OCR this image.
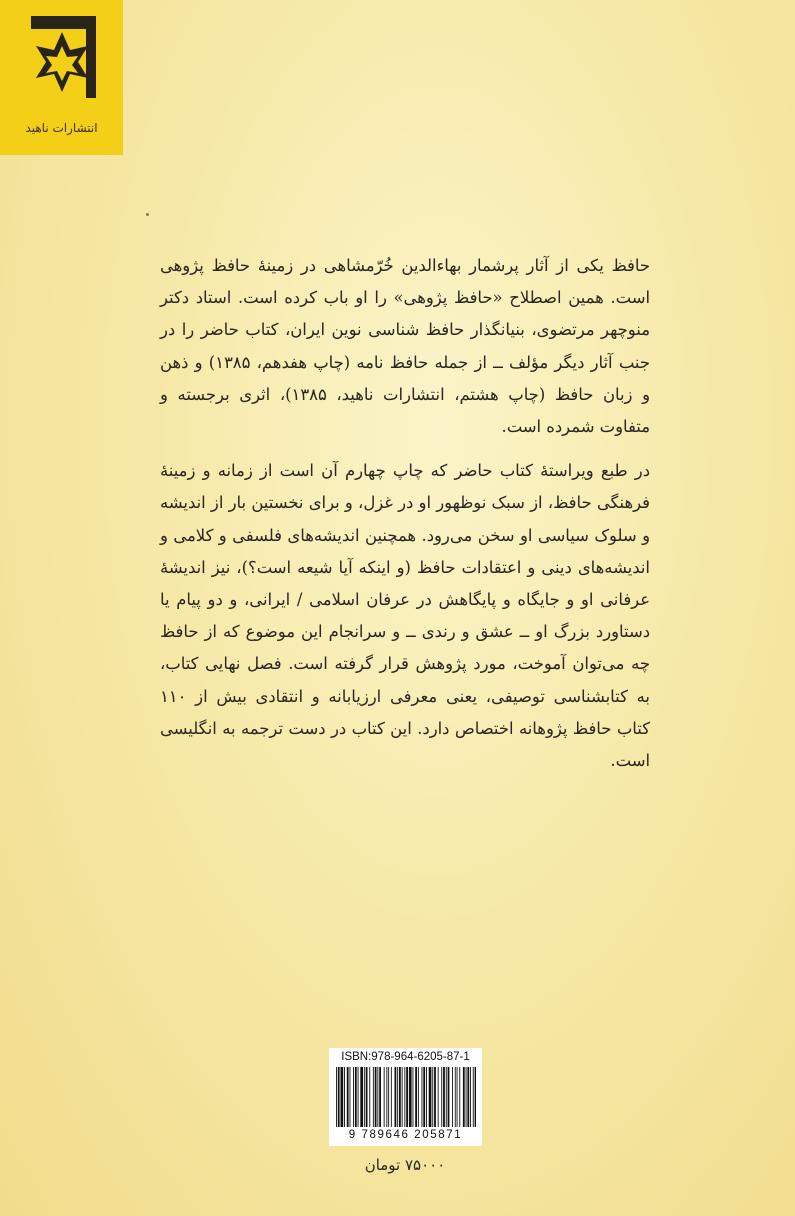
انتشارات ناهید

حافظ یکی از آثار پرشمار بهاءالدین خُرّمشاهی در زمینهٔ حافظ پژوهی است. همین اصطلاح «حافظ پژوهی» را او باب کرده است. استاد دکتر منوچهر مرتضوی، بنیانگذار حافظ شناسی نوین ایران، کتاب حاضر را در جنب آثار دیگر مؤلف ــ از جمله حافظ نامه (چاپ هفدهم، ۱۳۸۵) و ذهن و زبان حافظ (چاپ هشتم، انتشارات ناهید، ۱۳۸۵)، اثری برجسته و متفاوت شمرده است.

در طبع ویراستهٔ کتاب حاضر که چاپ چهارم آن است از زمانه و زمینهٔ فرهنگی حافظ، از سبک نوظهور او در غزل، و برای نخستین بار از اندیشه و سلوک سیاسی او سخن می‌رود. همچنین اندیشه‌های فلسفی و کلامی و اندیشه‌های دینی و اعتقادات حافظ (و اینکه آیا شیعه است؟)، نیز اندیشهٔ عرفانی او و جایگاه و پایگاهش در عرفان اسلامی / ایرانی، و دو پیام یا دستاورد بزرگ او ــ عشق و رندی ــ و سرانجام این موضوع که از حافظ چه می‌توان آموخت، مورد پژوهش قرار گرفته است. فصل نهایی کتاب، به کتابشناسی توصیفی، یعنی معرفی ارزیابانه و انتقادی بیش از ۱۱۰ کتاب حافظ پژوهانه اختصاص دارد. این کتاب در دست ترجمه به انگلیسی است.

ISBN:978-964-6205-87-1
9 789646 205871
۷۵۰۰۰ تومان
